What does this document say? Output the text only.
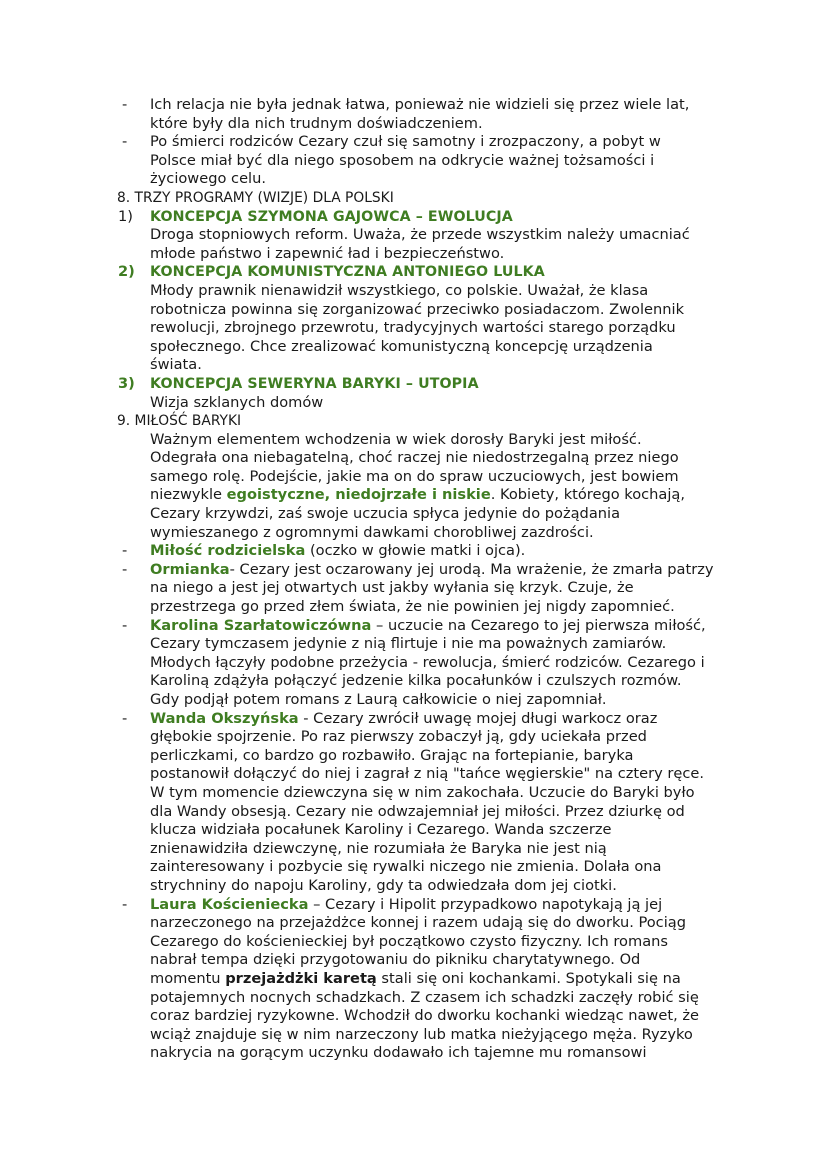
- Ich relacja nie była jednak łatwa, ponieważ nie widzieli się przez wiele lat,
które były dla nich trudnym doświadczeniem.
- Po śmierci rodziców Cezary czuł się samotny i zrozpaczony, a pobyt w
Polsce miał być dla niego sposobem na odkrycie ważnej tożsamości i
życiowego celu.
8. TRZY PROGRAMY (WIZJE) DLA POLSKI
1) KONCEPCJA SZYMONA GAJOWCA – EWOLUCJA
Droga stopniowych reform. Uważa, że przede wszystkim należy umacniać
młode państwo i zapewnić ład i bezpieczeństwo.
2) KONCEPCJA KOMUNISTYCZNA ANTONIEGO LULKA
Młody prawnik nienawidził wszystkiego, co polskie. Uważał, że klasa
robotnicza powinna się zorganizować przeciwko posiadaczom. Zwolennik
rewolucji, zbrojnego przewrotu, tradycyjnych wartości starego porządku
społecznego. Chce zrealizować komunistyczną koncepcję urządzenia
świata.
3) KONCEPCJA SEWERYNA BARYKI – UTOPIA
Wizja szklanych domów
9. MIŁOŚĆ BARYKI
Ważnym elementem wchodzenia w wiek dorosły Baryki jest miłość.
Odegrała ona niebagatelną, choć raczej nie niedostrzegalną przez niego
samego rolę. Podejście, jakie ma on do spraw uczuciowych, jest bowiem
niezwykle egoistyczne, niedojrzałe i niskie. Kobiety, którego kochają,
Cezary krzywdzi, zaś swoje uczucia spłyca jedynie do pożądania
wymieszanego z ogromnymi dawkami chorobliwej zazdrości.
- Miłość rodzicielska (oczko w głowie matki i ojca).
- Ormianka- Cezary jest oczarowany jej urodą. Ma wrażenie, że zmarła patrzy
na niego a jest jej otwartych ust jakby wyłania się krzyk. Czuje, że
przestrzega go przed złem świata, że nie powinien jej nigdy zapomnieć.
- Karolina Szarłatowiczówna – uczucie na Cezarego to jej pierwsza miłość,
Cezary tymczasem jedynie z nią flirtuje i nie ma poważnych zamiarów.
Młodych łączyły podobne przeżycia - rewolucja, śmierć rodziców. Cezarego i
Karoliną zdążyła połączyć jedzenie kilka pocałunków i czulszych rozmów.
Gdy podjął potem romans z Laurą całkowicie o niej zapomniał.
- Wanda Okszyńska - Cezary zwrócił uwagę mojej długi warkocz oraz
głębokie spojrzenie. Po raz pierwszy zobaczył ją, gdy uciekała przed
perliczkami, co bardzo go rozbawiło. Grając na fortepianie, baryka
postanowił dołączyć do niej i zagrał z nią "tańce węgierskie" na cztery ręce.
W tym momencie dziewczyna się w nim zakochała. Uczucie do Baryki było
dla Wandy obsesją. Cezary nie odwzajemniał jej miłości. Przez dziurkę od
klucza widziała pocałunek Karoliny i Cezarego. Wanda szczerze
znienawidziła dziewczynę, nie rozumiała że Baryka nie jest nią
zainteresowany i pozbycie się rywalki niczego nie zmienia. Dolała ona
strychniny do napoju Karoliny, gdy ta odwiedzała dom jej ciotki.
- Laura Kościeniecka – Cezary i Hipolit przypadkowo napotykają ją jej
narzeczonego na przejażdżce konnej i razem udają się do dworku. Pociąg
Cezarego do kościenieckiej był początkowo czysto fizyczny. Ich romans
nabrał tempa dzięki przygotowaniu do pikniku charytatywnego. Od
momentu przejażdżki karetą stali się oni kochankami. Spotykali się na
potajemnych nocnych schadzkach. Z czasem ich schadzki zaczęły robić się
coraz bardziej ryzykowne. Wchodził do dworku kochanki wiedząc nawet, że
wciąż znajduje się w nim narzeczony lub matka nieżyjącego męża. Ryzyko
nakrycia na gorącym uczynku dodawało ich tajemne mu romansowi
